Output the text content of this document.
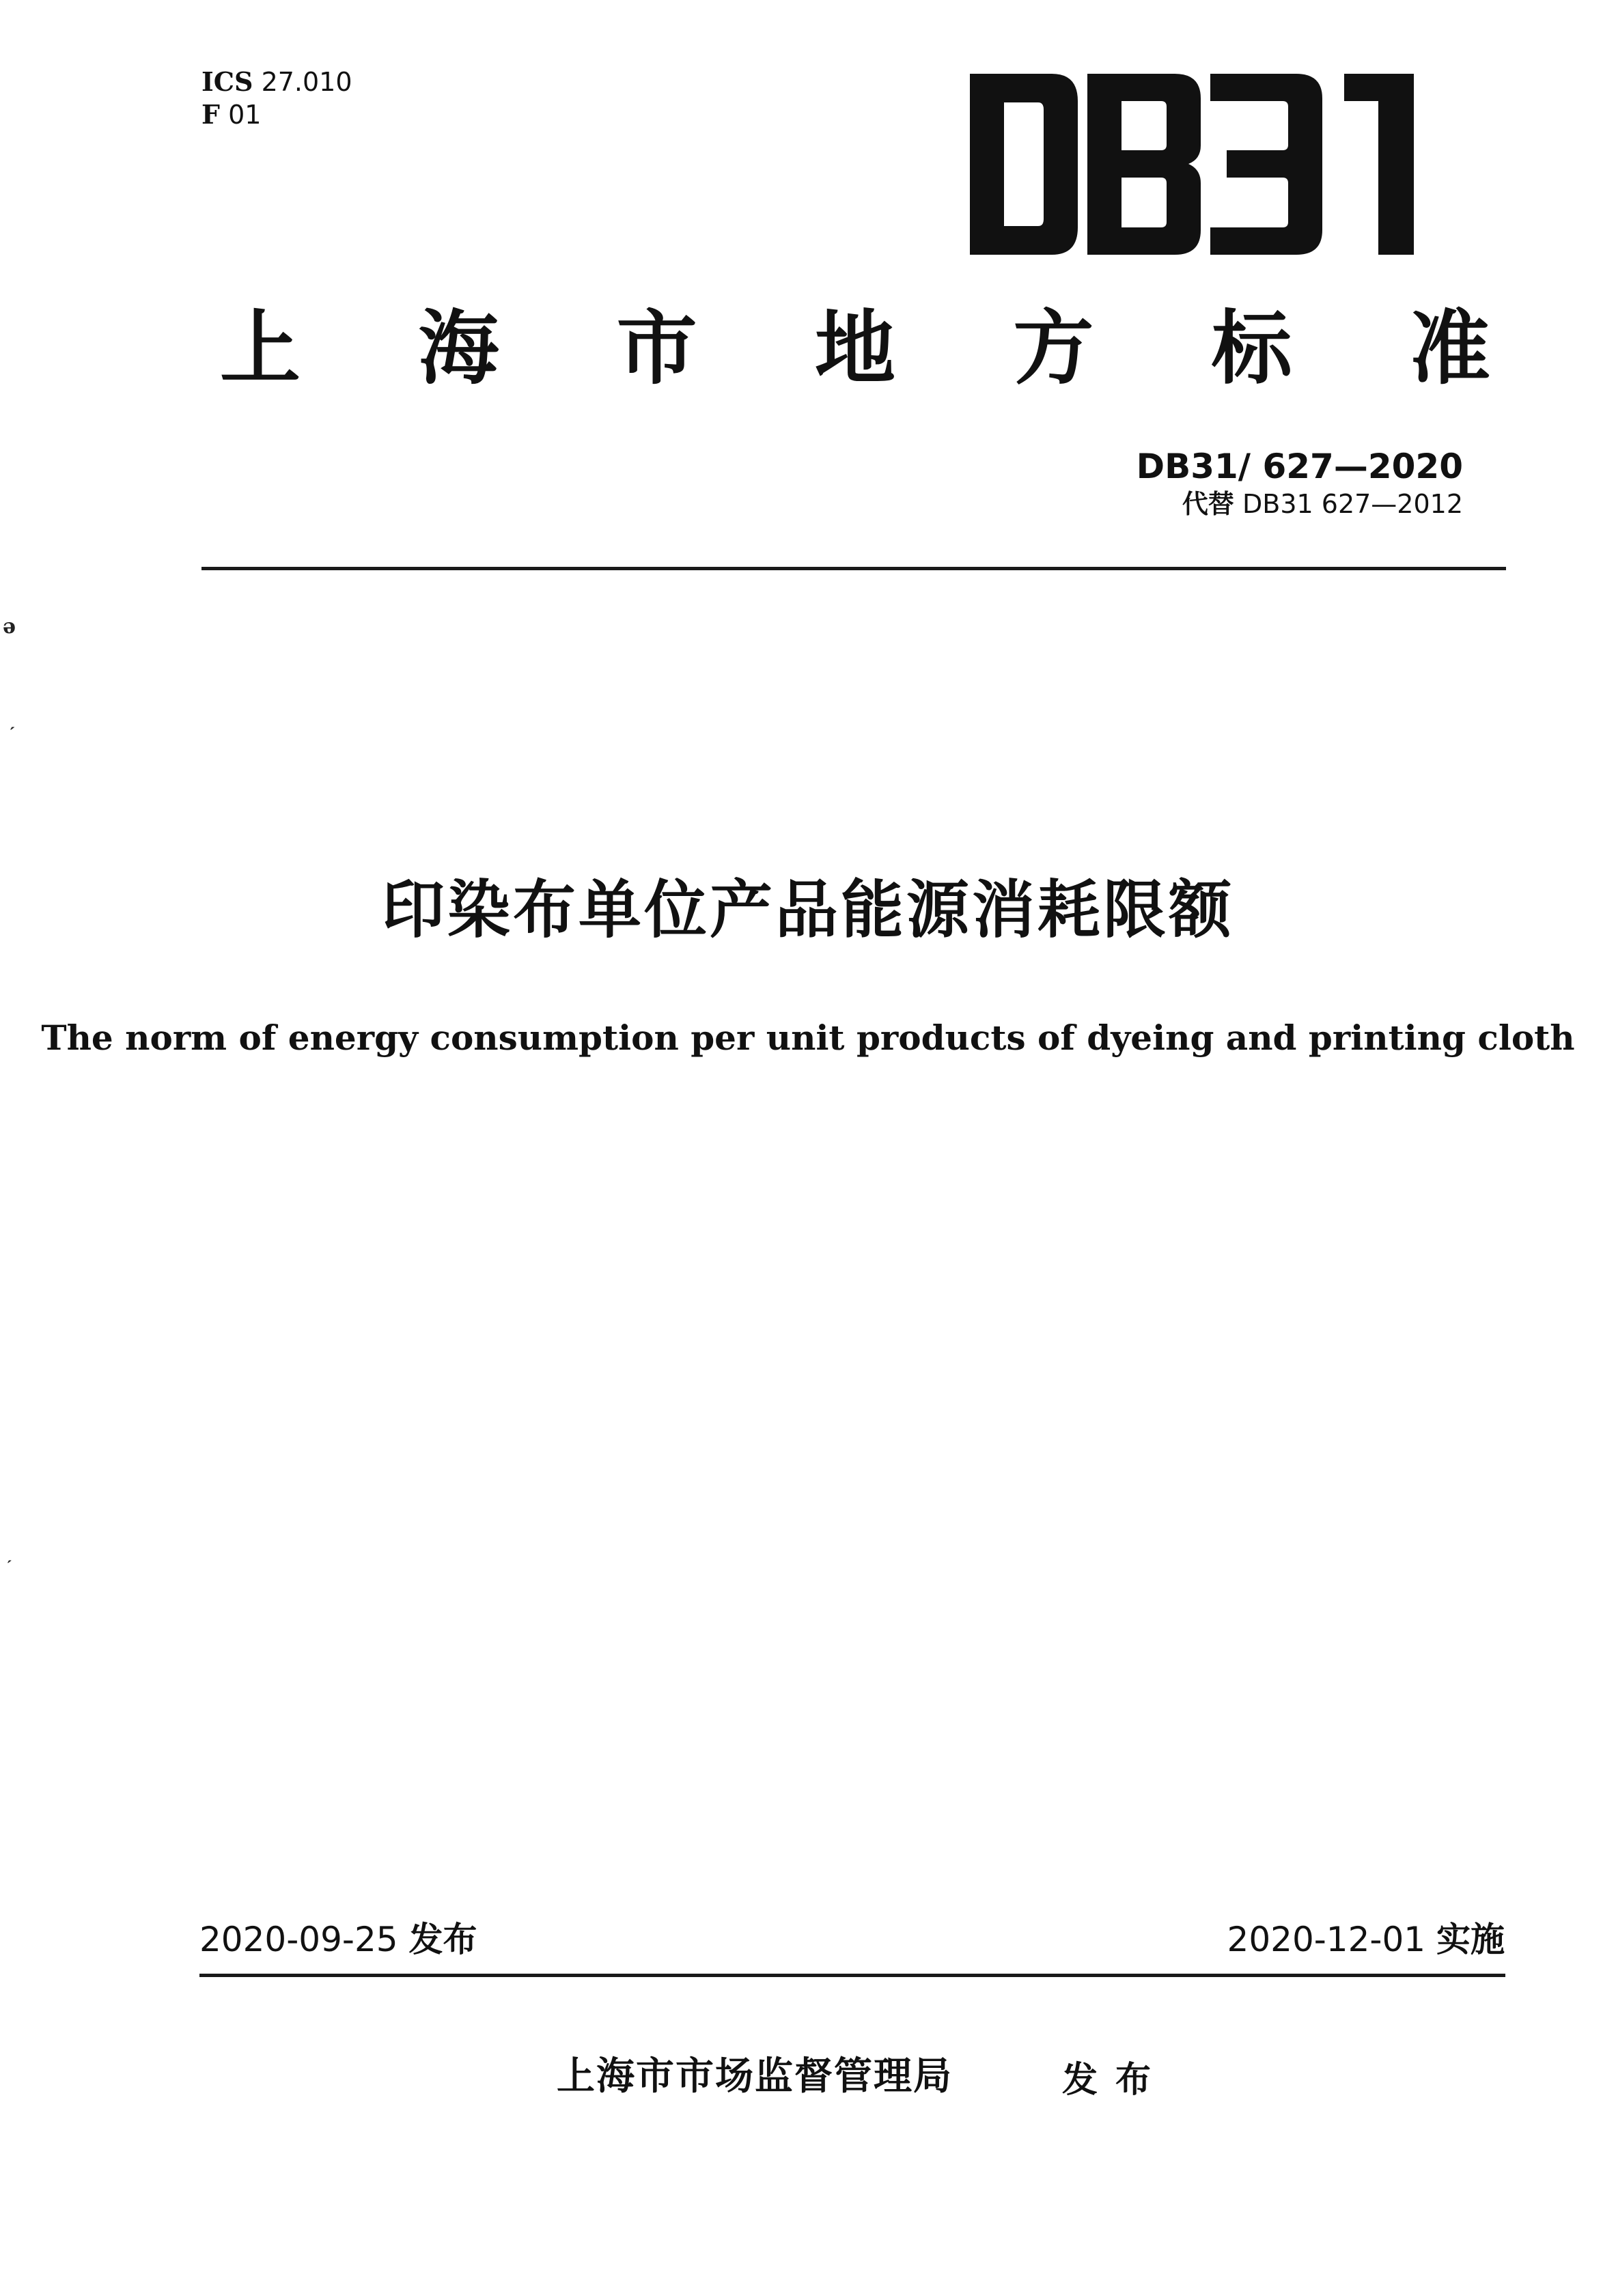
ICS 27.010
F 01
DB31
上 海 市 地 方 标 准
DB31/ 627—2020
代替 DB31 627—2012
ə
ˏ
ˏ
印染布单位产品能源消耗限额
The norm of energy consumption per unit products of dyeing and printing cloth
2020-09-25 发布	2020-12-01 实施
上海市市场监督管理局	发布
